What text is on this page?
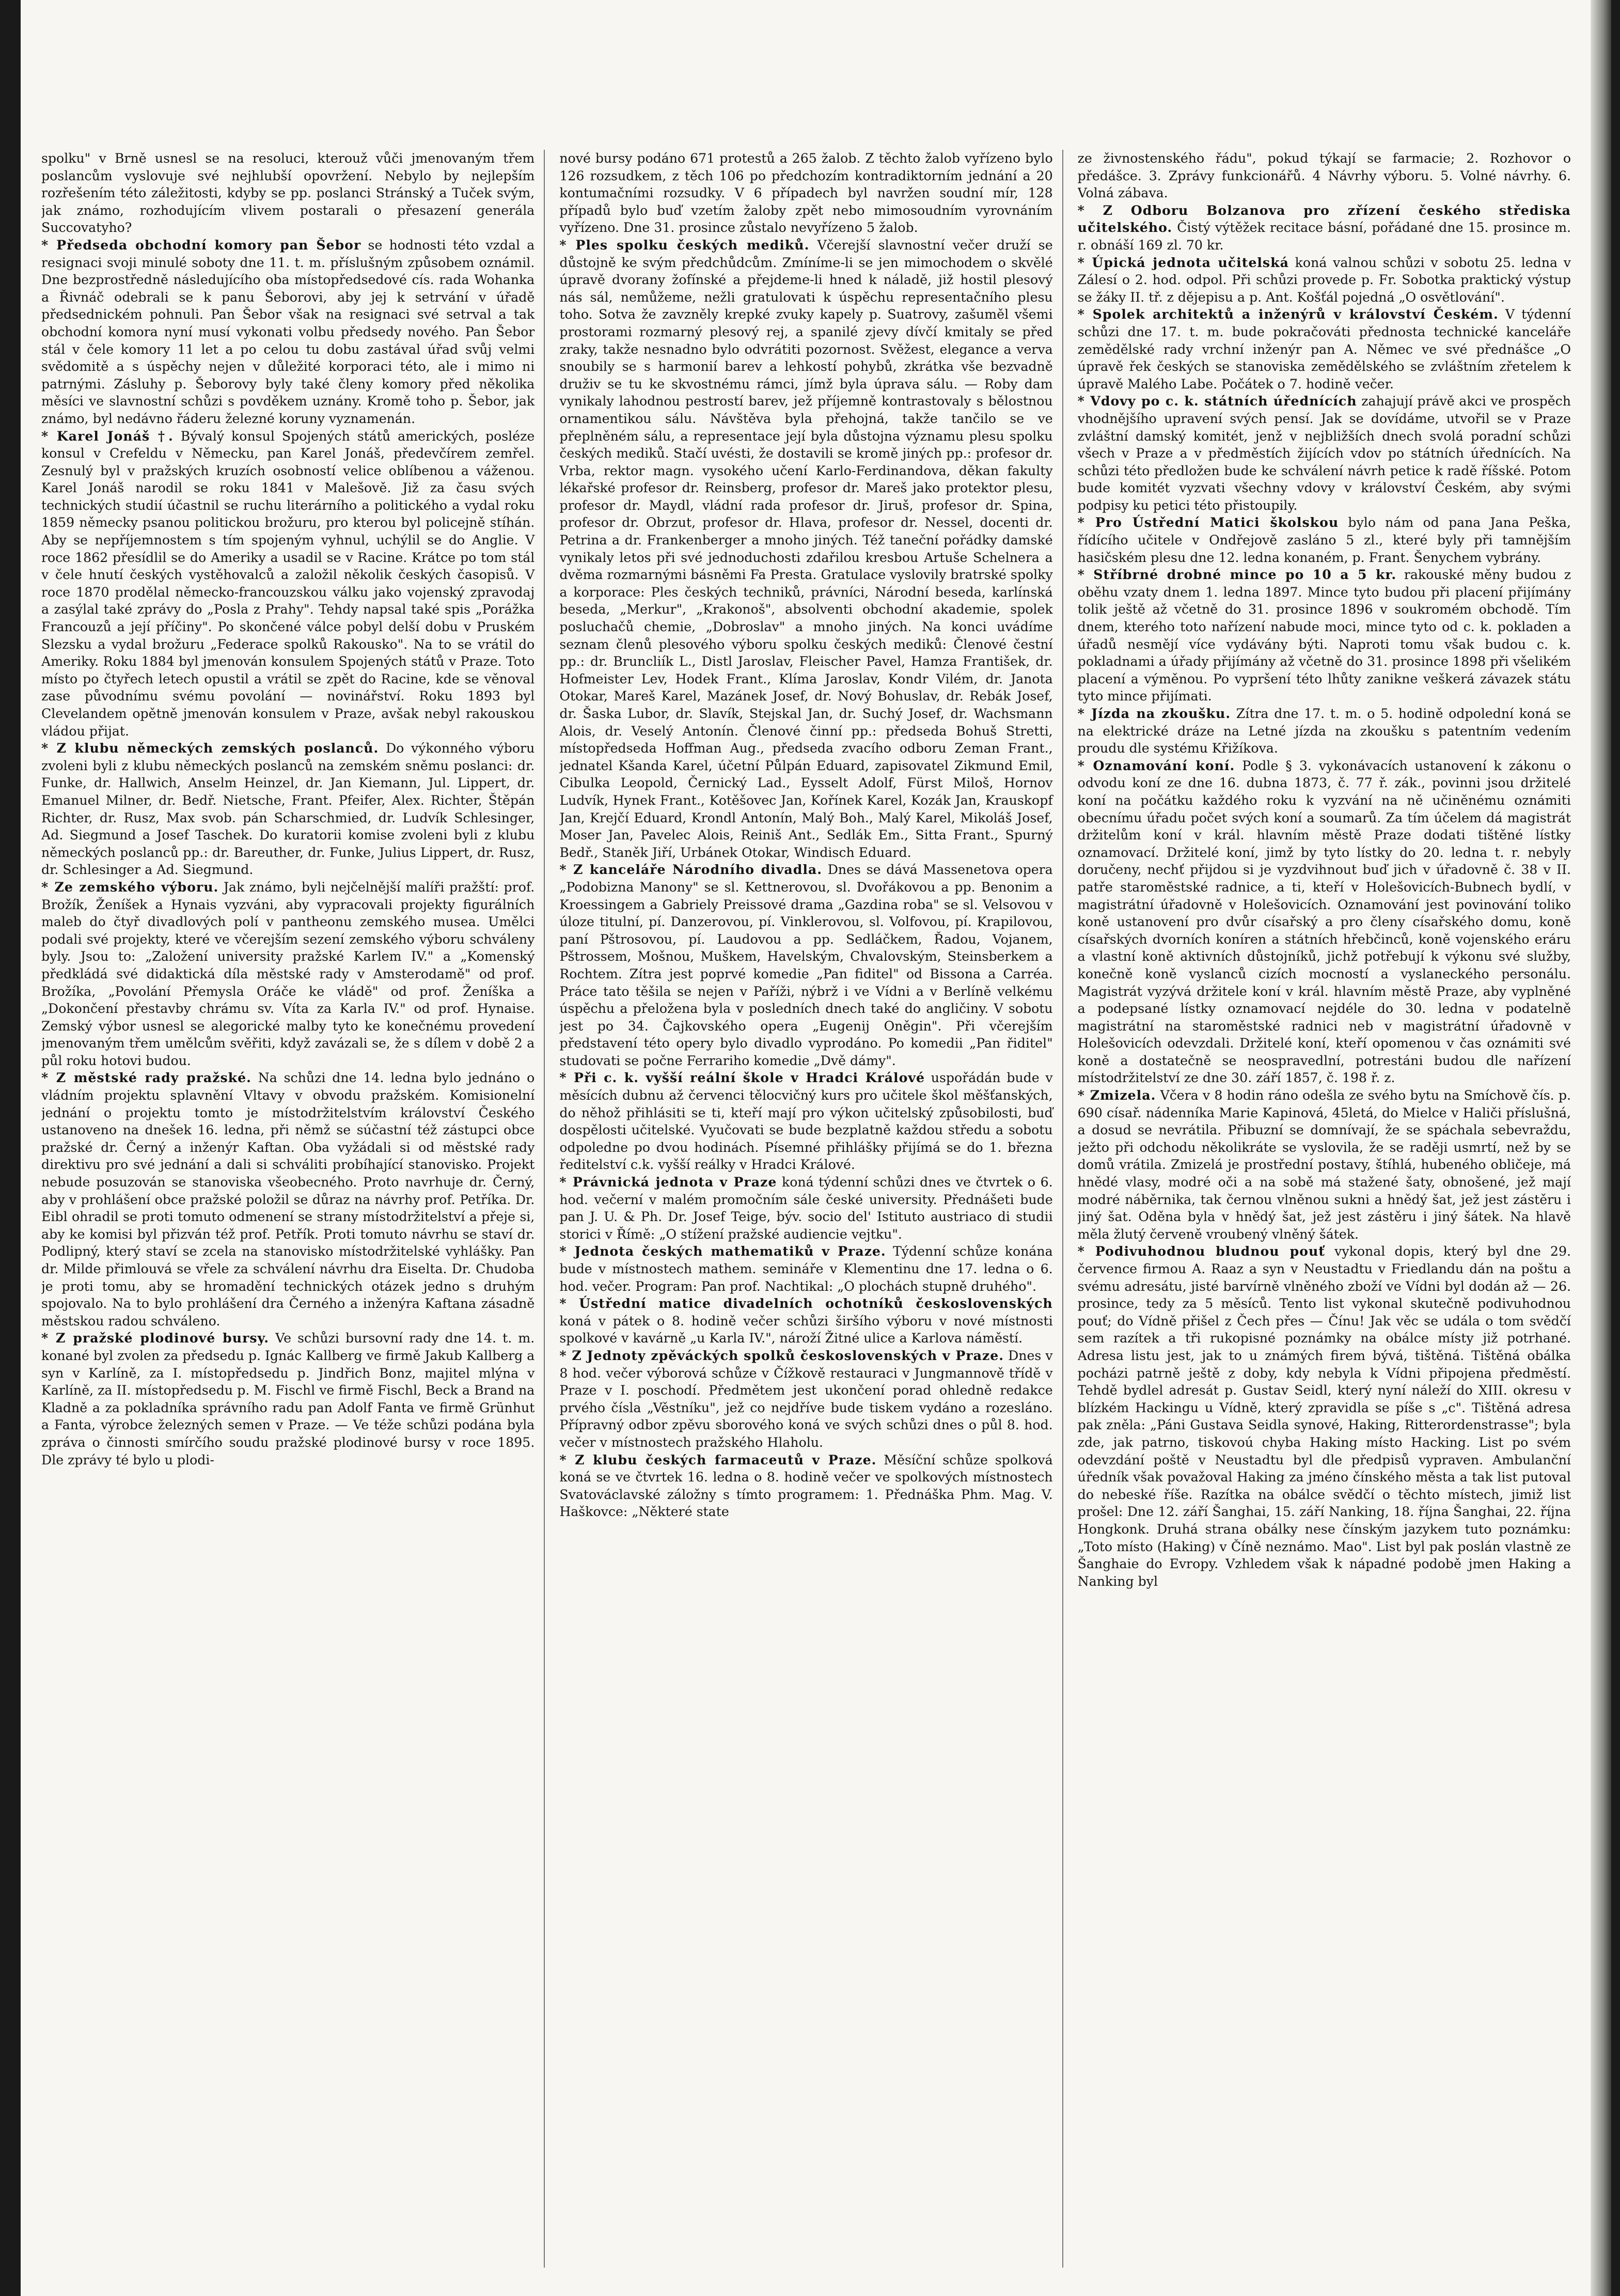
spolku" v Brně usnesl se na resoluci, kterouž vůči jmenovaným třem poslancům vyslovuje své nejhlubší opovržení. Nebylo by nejlepším rozřešením této záležitosti, kdyby se pp. poslanci Stránský a Tuček svým, jak známo, rozhodujícím vlivem postarali o přesazení generála Succovatyho?

* Předseda obchodní komory pan Šebor se hodnosti této vzdal a resignaci svoji minulé soboty dne 11. t. m. příslušným způsobem oznámil. Dne bezprostředně následujícího oba místopředsedové cís. rada Wohanka a Řivnáč odebrali se k panu Šeborovi, aby jej k setrvání v úřadě předsednickém pohnuli. Pan Šebor však na resignaci své setrval a tak obchodní komora nyní musí vykonati volbu předsedy nového. Pan Šebor stál v čele komory 11 let a po celou tu dobu zastával úřad svůj velmi svědomitě a s úspěchy nejen v důležité korporaci této, ale i mimo ni patrnými. Zásluhy p. Šeborovy byly také členy komory před několika měsíci ve slavnostní schůzi s povděkem uznány. Kromě toho p. Šebor, jak známo, byl nedávno řáderu železné koruny vyznamenán.

* Karel Jonáš †. Bývalý konsul Spojených států amerických, posléze konsul v Crefeldu v Německu, pan Karel Jonáš, předevčírem zemřel. Zesnulý byl v pražských kruzích osobností velice oblíbenou a váženou. Karel Jonáš narodil se roku 1841 v Malešově. Již za času svých technických studií účastnil se ruchu literárního a politického a vydal roku 1859 německy psanou politickou brožuru, pro kterou byl policejně stíhán. Aby se nepříjemnostem s tím spojeným vyhnul, uchýlil se do Anglie. V roce 1862 přesídlil se do Ameriky a usadil se v Racine. Krátce po tom stál v čele hnutí českých vystěhovalců a založil několik českých časopisů. V roce 1870 prodělal německo-francouzskou válku jako vojenský zpravodaj a zasýlal také zprávy do „Posla z Prahy". Tehdy napsal také spis „Porážka Francouzů a její příčiny". Po skončené válce pobyl delší dobu v Pruském Slezsku a vydal brožuru „Federace spolků Rakousko". Na to se vrátil do Ameriky. Roku 1884 byl jmenován konsulem Spojených států v Praze. Toto místo po čtyřech letech opustil a vrátil se zpět do Racine, kde se věnoval zase původnímu svému povolání — novinářství. Roku 1893 byl Clevelandem opětně jmenován konsulem v Praze, avšak nebyl rakouskou vládou přijat.

* Z klubu německých zemských poslanců. Do výkonného výboru zvoleni byli z klubu německých poslanců na zemském sněmu poslanci: dr. Funke, dr. Hallwich, Anselm Heinzel, dr. Jan Kiemann, Jul. Lippert, dr. Emanuel Milner, dr. Bedř. Nietsche, Frant. Pfeifer, Alex. Richter, Štěpán Richter, dr. Rusz, Max svob. pán Scharschmied, dr. Ludvík Schlesinger, Ad. Siegmund a Josef Taschek. Do kuratorii komise zvoleni byli z klubu německých poslanců pp.: dr. Bareuther, dr. Funke, Julius Lippert, dr. Rusz, dr. Schlesinger a Ad. Siegmund.

* Ze zemského výboru. Jak známo, byli nejčelnější malíři pražští: prof. Brožík, Ženíšek a Hynais vyzváni, aby vypracovali projekty figurálních maleb do čtyř divadlových polí v pantheonu zemského musea. Umělci podali své projekty, které ve včerejším sezení zemského výboru schváleny byly. Jsou to: „Založení university pražské Karlem IV." a „Komenský předkládá své didaktická díla městské rady v Amsterodamě" od prof. Brožíka, „Povolání Přemysla Oráče ke vládě" od prof. Ženíška a „Dokončení přestavby chrámu sv. Víta za Karla IV." od prof. Hynaise. Zemský výbor usnesl se alegorické malby tyto ke konečnému provedení jmenovaným třem umělcům svěřiti, když zavázali se, že s dílem v době 2 a půl roku hotovi budou.

* Z městské rady pražské. Na schůzi dne 14. ledna bylo jednáno o vládním projektu splavnění Vltavy v obvodu pražském. Komisionelní jednání o projektu tomto je místodržitelstvím království Českého ustanoveno na dnešek 16. ledna, při němž se súčastní též zástupci obce pražské dr. Černý a inženýr Kaftan. Oba vyžádali si od městské rady direktivu pro své jednání a dali si schváliti probíhající stanovisko. Projekt nebude posuzován se stanoviska všeobecného. Proto navrhuje dr. Černý, aby v prohlášení obce pražské položil se důraz na návrhy prof. Petříka. Dr. Eibl ohradil se proti tomuto odmenení se strany místodržitelství a přeje si, aby ke komisi byl přizván též prof. Petřík. Proti tomuto návrhu se staví dr. Podlipný, který staví se zcela na stanovisko místodržitelské vyhlášky. Pan dr. Milde přimlouvá se vřele za schválení návrhu dra Eiselta. Dr. Chudoba je proti tomu, aby se hromadění technických otázek jedno s druhým spojovalo. Na to bylo prohlášení dra Černého a inženýra Kaftana zásadně městskou radou schváleno.

* Z pražské plodinové bursy. Ve schůzi bursovní rady dne 14. t. m. konané byl zvolen za předsedu p. Ignác Kallberg ve firmě Jakub Kallberg a syn v Karlíně, za I. místopředsedu p. Jindřich Bonz, majitel mlýna v Karlíně, za II. místopředsedu p. M. Fischl ve firmě Fischl, Beck a Brand na Kladně a za pokladníka správního radu pan Adolf Fanta ve firmě Grünhut a Fanta, výrobce železných semen v Praze. — Ve téže schůzi podána byla zpráva o činnosti smírčího soudu pražské plodinové bursy v roce 1895. Dle zprávy té bylo u plodi-

nové bursy podáno 671 protestů a 265 žalob. Z těchto žalob vyřízeno bylo 126 rozsudkem, z těch 106 po předchozím kontradiktorním jednání a 20 kontumačními rozsudky. V 6 případech byl navržen soudní mír, 128 případů bylo buď vzetím žaloby zpět nebo mimosoudním vyrovnáním vyřízeno. Dne 31. prosince zůstalo nevyřízeno 5 žalob.

* Ples spolku českých mediků. Včerejší slavnostní večer druží se důstojně ke svým předchůdcům. Zmíníme-li se jen mimochodem o skvělé úpravě dvorany žofínské a přejdeme-li hned k náladě, již hostil plesový nás sál, nemůžeme, nežli gratulovati k úspěchu representačního plesu toho. Sotva že zavzněly krepké zvuky kapely p. Suatrovy, zašuměl všemi prostorami rozmarný plesový rej, a spanilé zjevy dívčí kmitaly se před zraky, takže nesnadno bylo odvrátiti pozornost. Svěžest, elegance a verva snoubily se s harmonií barev a lehkostí pohybů, zkrátka vše bezvadně druživ se tu ke skvostnému rámci, jímž byla úprava sálu. — Roby dam vynikaly lahodnou pestrostí barev, jež příjemně kontrastovaly s bělostnou ornamentikou sálu. Návštěva byla přehojná, takže tančilo se ve přeplněném sálu, a representace její byla důstojna významu plesu spolku českých mediků. Stačí uvésti, že dostavili se kromě jiných pp.: profesor dr. Vrba, rektor magn. vysokého učení Karlo-Ferdinandova, děkan fakulty lékařské profesor dr. Reinsberg, profesor dr. Mareš jako protektor plesu, profesor dr. Maydl, vládní rada profesor dr. Jiruš, profesor dr. Spina, profesor dr. Obrzut, profesor dr. Hlava, profesor dr. Nessel, docenti dr. Petrina a dr. Frankenberger a mnoho jiných. Též taneční pořádky damské vynikaly letos při své jednoduchosti zdařilou kresbou Artuše Schelnera a dvěma rozmarnými básněmi Fa Presta. Gratulace vyslovily bratrské spolky a korporace: Ples českých techniků, právníci, Národní beseda, karlínská beseda, „Merkur", „Krakonoš", absolventi obchodní akademie, spolek posluchačů chemie, „Dobroslav" a mnoho jiných. Na konci uvádíme seznam členů plesového výboru spolku českých mediků: Členové čestní pp.: dr. Bruncliík L., Distl Jaroslav, Fleischer Pavel, Hamza František, dr. Hofmeister Lev, Hodek Frant., Klíma Jaroslav, Kondr Vilém, dr. Janota Otokar, Mareš Karel, Mazánek Josef, dr. Nový Bohuslav, dr. Rebák Josef, dr. Šaska Lubor, dr. Slavík, Stejskal Jan, dr. Suchý Josef, dr. Wachsmann Alois, dr. Veselý Antonín. Členové činní pp.: předseda Bohuš Stretti, místopředseda Hoffman Aug., předseda zvacího odboru Zeman Frant., jednatel Kšanda Karel, účetní Půlpán Eduard, zapisovatel Zikmund Emil, Cibulka Leopold, Černický Lad., Eysselt Adolf, Fürst Miloš, Hornov Ludvík, Hynek Frant., Kotěšovec Jan, Kořínek Karel, Kozák Jan, Krauskopf Jan, Krejčí Eduard, Krondl Antonín, Malý Boh., Malý Karel, Mikoláš Josef, Moser Jan, Pavelec Alois, Reiniš Ant., Sedlák Em., Sitta Frant., Spurný Bedř., Staněk Jiří, Urbánek Otokar, Windisch Eduard.

* Z kanceláře Národního divadla. Dnes se dává Massenetova opera „Podobizna Manony" se sl. Kettnerovou, sl. Dvořákovou a pp. Benonim a Kroessingem a Gabriely Preissové drama „Gazdina roba" se sl. Velsovou v úloze titulní, pí. Danzerovou, pí. Vinklerovou, sl. Volfovou, pí. Krapilovou, paní Pštrosovou, pí. Laudovou a pp. Sedláčkem, Řadou, Vojanem, Pštrossem, Mošnou, Muškem, Havelským, Chvalovským, Steinsberkem a Rochtem. Zítra jest poprvé komedie „Pan fiditel" od Bissona a Carréa. Práce tato těšila se nejen v Paříži, nýbrž i ve Vídni a v Berlíně velkému úspěchu a přeložena byla v posledních dnech také do angličiny. V sobotu jest po 34. Čajkovského opera „Eugenij Oněgin". Při včerejším představení této opery bylo divadlo vyprodáno. Po komedii „Pan řiditel" studovati se počne Ferrariho komedie „Dvě dámy".

* Při c. k. vyšší reální škole v Hradci Králové uspořádán bude v měsících dubnu až červenci tělocvičný kurs pro učitele škol měšťanských, do něhož přihlásiti se ti, kteří mají pro výkon učitelský způsobilosti, buď dospělosti učitelské. Vyučovati se bude bezplatně každou středu a sobotu odpoledne po dvou hodinách. Písemné přihlášky přijímá se do 1. března ředitelství c.k. vyšší reálky v Hradci Králové.

* Právnická jednota v Praze koná týdenní schůzi dnes ve čtvrtek o 6. hod. večerní v malém promočním sále české university. Přednášeti bude pan J. U. & Ph. Dr. Josef Teige, býv. socio del' Istituto austriaco di studii storici v Římě: „O stížení pražské audiencie vejtku".

* Jednota českých mathematiků v Praze. Týdenní schůze konána bude v místnostech mathem. semináře v Klementinu dne 17. ledna o 6. hod. večer. Program: Pan prof. Nachtikal: „O plochách stupně druhého".

* Ústřední matice divadelních ochotníků československých koná v pátek o 8. hodině večer schůzi širšího výboru v nové místnosti spolkové v kavárně „u Karla IV.", nároží Žitné ulice a Karlova náměstí.

* Z Jednoty zpěváckých spolků československých v Praze. Dnes v 8 hod. večer výborová schůze v Čížkově restauraci v Jungmannově třídě v Praze v I. poschodí. Předmětem jest ukončení porad ohledně redakce prvého čísla „Věstníku", jež co nejdříve bude tiskem vydáno a rozesláno. Přípravný odbor zpěvu sborového koná ve svých schůzi dnes o půl 8. hod. večer v místnostech pražského Hlaholu.

* Z klubu českých farmaceutů v Praze. Měsíční schůze spolková koná se ve čtvrtek 16. ledna o 8. hodině večer ve spolkových místnostech Svatováclavské záložny s tímto programem: 1. Přednáška Phm. Mag. V. Haškovce: „Některé state

ze živnostenského řádu", pokud týkají se farmacie; 2. Rozhovor o předášce. 3. Zprávy funkcionářů. 4 Návrhy výboru. 5. Volné návrhy. 6. Volná zábava.

* Z Odboru Bolzanova pro zřízení českého střediska učitelského. Čistý výtěžek recitace básní, pořádané dne 15. prosince m. r. obnáší 169 zl. 70 kr.

* Úpická jednota učitelská koná valnou schůzi v sobotu 25. ledna v Zálesí o 2. hod. odpol. Při schůzi provede p. Fr. Sobotka praktický výstup se žáky II. tř. z dějepisu a p. Ant. Košťál pojedná „O osvětlování".

* Spolek architektů a inženýrů v království Českém. V týdenní schůzi dne 17. t. m. bude pokračováti přednosta technické kanceláře zemědělské rady vrchní inženýr pan A. Němec ve své přednášce „O úpravě řek českých se stanoviska zemědělského se zvláštním zřetelem k úpravě Malého Labe. Počátek o 7. hodině večer.

* Vdovy po c. k. státních úřednících zahajují právě akci ve prospěch vhodnějšího upravení svých pensí. Jak se dovídáme, utvořil se v Praze zvláštní damský komitét, jenž v nejbližších dnech svolá poradní schůzi všech v Praze a v předměstích žijících vdov po státních úřednících. Na schůzi této předložen bude ke schválení návrh petice k radě říšské. Potom bude komitét vyzvati všechny vdovy v království Českém, aby svými podpisy ku petici této přistoupily.

* Pro Ústřední Matici školskou bylo nám od pana Jana Peška, řídícího učitele v Ondřejově zasláno 5 zl., které byly při tamnějším hasičském plesu dne 12. ledna konaném, p. Frant. Šenychem vybrány.

* Stříbrné drobné mince po 10 a 5 kr. rakouské měny budou z oběhu vzaty dnem 1. ledna 1897. Mince tyto budou při placení přijímány tolik ještě až včetně do 31. prosince 1896 v soukromém obchodě. Tím dnem, kterého toto nařízení nabude moci, mince tyto od c. k. pokladen a úřadů nesmějí více vydávány býti. Naproti tomu však budou c. k. pokladnami a úřady přijímány až včetně do 31. prosince 1898 při všelikém placení a výměnou. Po vypršení této lhůty zanikne veškerá závazek státu tyto mince přijímati.

* Jízda na zkoušku. Zítra dne 17. t. m. o 5. hodině odpolední koná se na elektrické dráze na Letné jízda na zkoušku s patentním vedením proudu dle systému Křižíkova.

* Oznamování koní. Podle § 3. vykonávacích ustanovení k zákonu o odvodu koní ze dne 16. dubna 1873, č. 77 ř. zák., povinni jsou držitelé koní na počátku každého roku k vyzvání na ně učiněnému oznámiti obecnímu úřadu počet svých koní a soumarů. Za tím účelem dá magistrát držitelům koní v král. hlavním městě Praze dodati tištěné lístky oznamovací. Držitelé koní, jimž by tyto lístky do 20. ledna t. r. nebyly doručeny, nechť přijdou si je vyzdvihnout buď jich v úřadovně č. 38 v II. patře staroměstské radnice, a ti, kteří v Holešovicích-Bubnech bydlí, v magistrátní úřadovně v Holešovicích. Oznamování jest povinování toliko koně ustanovení pro dvůr císařský a pro členy císařského domu, koně císařských dvorních koníren a státních hřebčinců, koně vojenského eráru a vlastní koně aktivních důstojníků, jichž potřebují k výkonu své služby, konečně koně vyslanců cizích mocností a vyslaneckého personálu. Magistrát vyzývá držitele koní v král. hlavním městě Praze, aby vyplněné a podepsané lístky oznamovací nejdéle do 30. ledna v podatelně magistrátní na staroměstské radnici neb v magistrátní úřadovně v Holešovicích odevzdali. Držitelé koní, kteří opomenou v čas oznámiti své koně a dostatečně se neospravedlní, potrestáni budou dle nařízení místodržitelství ze dne 30. září 1857, č. 198 ř. z.

* Zmizela. Včera v 8 hodin ráno odešla ze svého bytu na Smíchově čís. p. 690 císař. nádenníka Marie Kapinová, 45letá, do Mielce v Haliči příslušná, a dosud se nevrátila. Přibuzní se domnívají, že se spáchala sebevraždu, ježto při odchodu několikráte se vyslovila, že se raději usmrtí, než by se domů vrátila. Zmizelá je prostřední postavy, štíhlá, hubeného obličeje, má hnědé vlasy, modré oči a na sobě má stažené šaty, obnošené, jež mají modré náběrnika, tak černou vlněnou sukni a hnědý šat, jež jest zástěru i jiný šat. Oděna byla v hnědý šat, jež jest zástěru i jiný šátek. Na hlavě měla žlutý červeně vroubený vlněný šátek.

* Podivuhodnou bludnou pouť vykonal dopis, který byl dne 29. července firmou A. Raaz a syn v Neustadtu v Friedlandu dán na poštu a svému adresátu, jisté barvírně vlněného zboží ve Vídni byl dodán až — 26. prosince, tedy za 5 měsíců. Tento list vykonal skutečně podivuhodnou pouť; do Vídně přišel z Čech přes — Čínu! Jak věc se udála o tom svědčí sem razítek a tři rukopisné poznámky na obálce místy již potrhané. Adresa listu jest, jak to u známých firem bývá, tištěná. Tištěná obálka pocházi patrně ještě z doby, kdy nebyla k Vídni připojena předměstí. Tehdě bydlel adresát p. Gustav Seidl, který nyní náleží do XIII. okresu v blízkém Hackingu u Vídně, který zpravidla se píše s „c". Tištěná adresa pak zněla: „Páni Gustava Seidla synové, Haking, Ritterordenstrasse"; byla zde, jak patrno, tiskovoú chyba Haking místo Hacking. List po svém odevzdání poště v Neustadtu byl dle předpisů vypraven. Ambulanční úředník však považoval Haking za jméno čínského města a tak list putoval do nebeské říše. Razítka na obálce svědčí o těchto místech, jimiž list prošel: Dne 12. září Šanghai, 15. září Nanking, 18. října Šanghai, 22. října Hongkonk. Druhá strana obálky nese čínským jazykem tuto poznámku: „Toto místo (Haking) v Číně neznámo. Mao". List byl pak poslán vlastně ze Šanghaie do Evropy. Vzhledem však k nápadné podobě jmen Haking a Nanking byl
